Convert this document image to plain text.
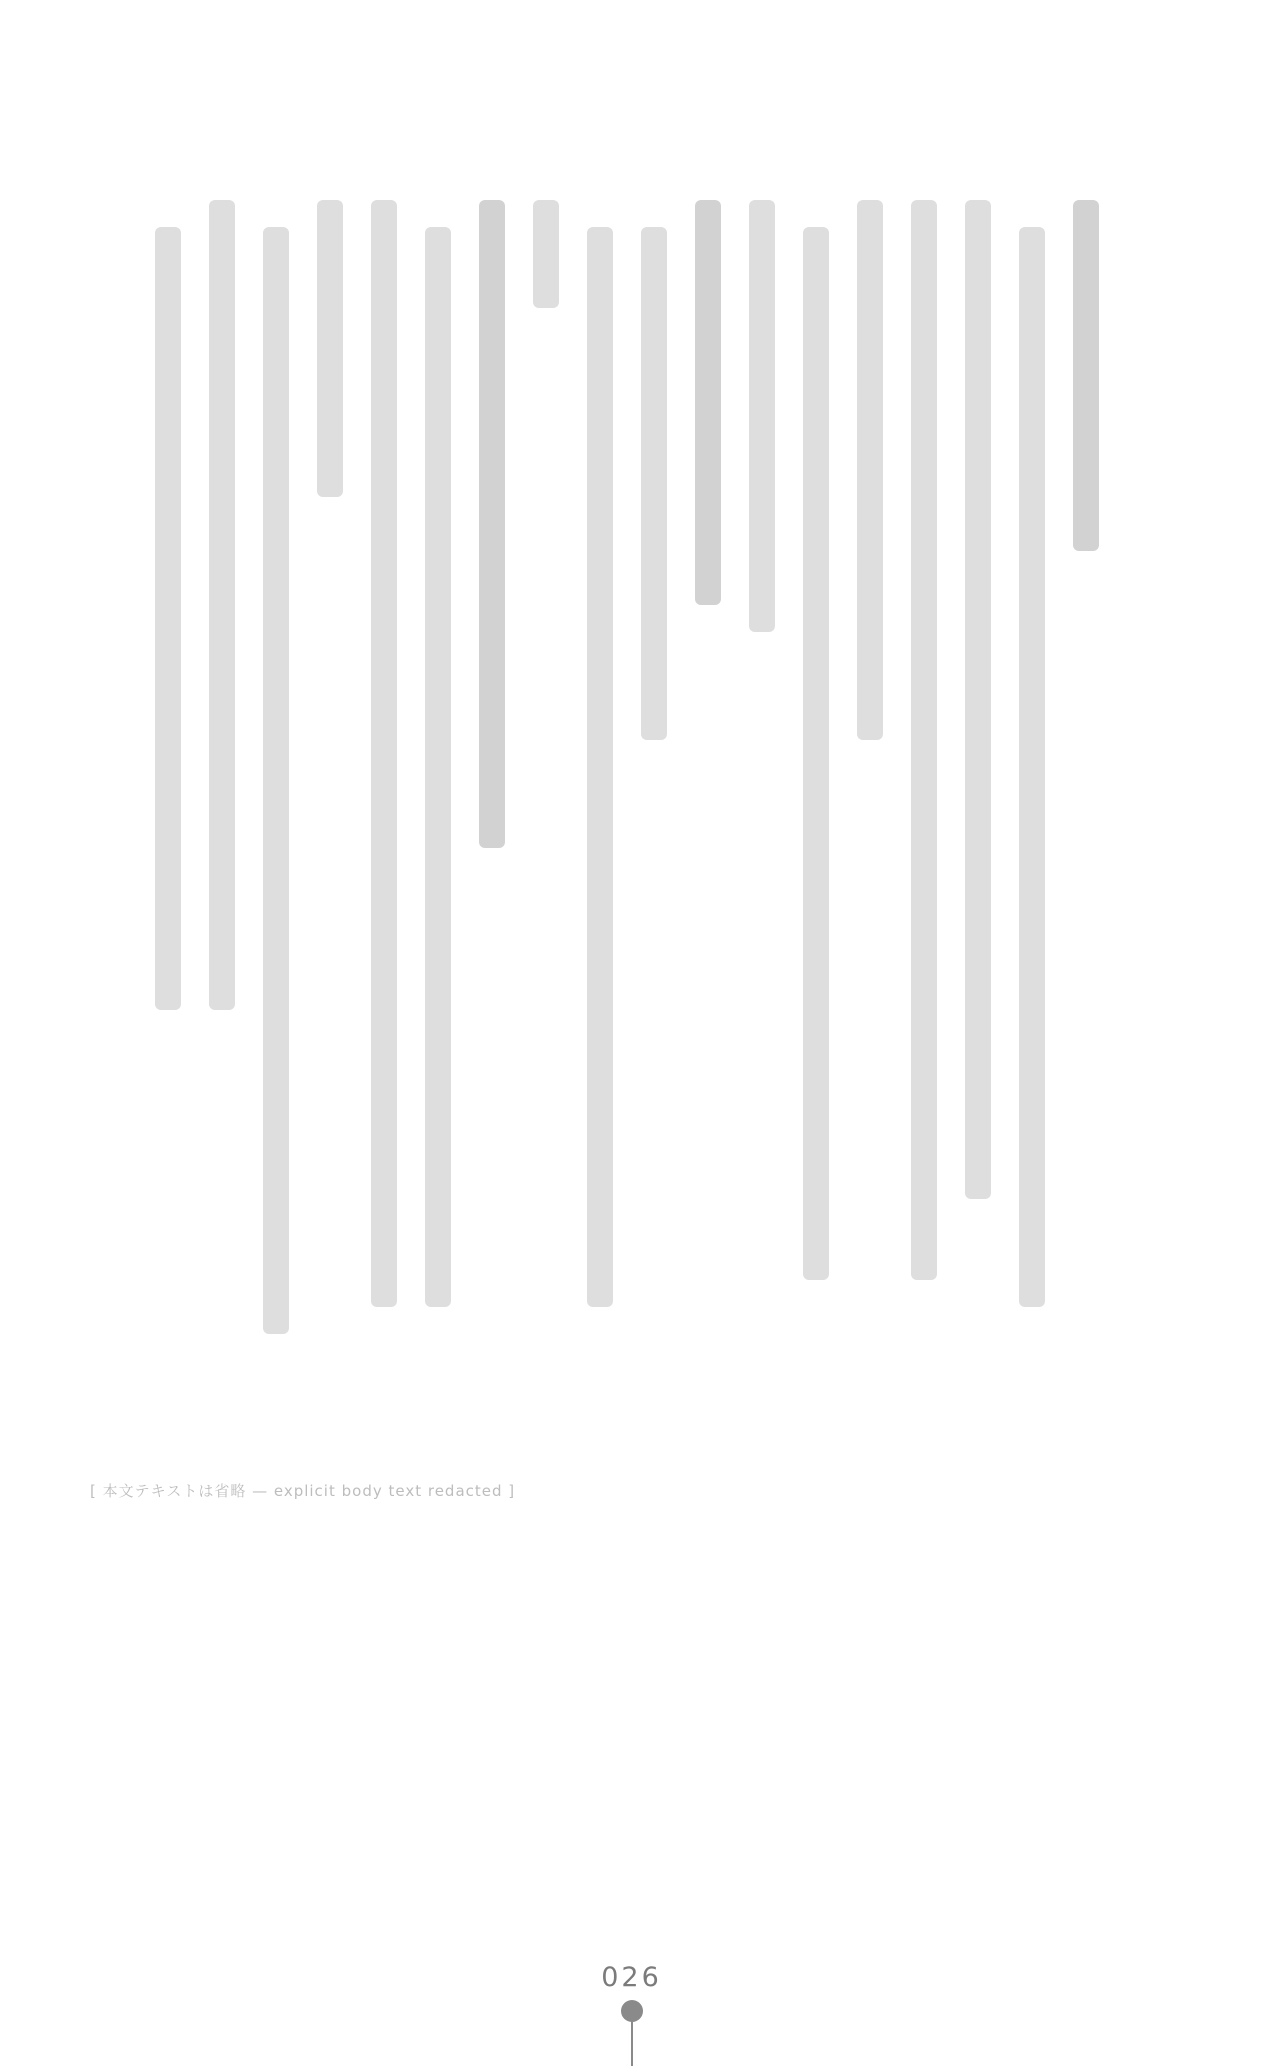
[ 本文テキストは省略 — explicit body text redacted ]
026
